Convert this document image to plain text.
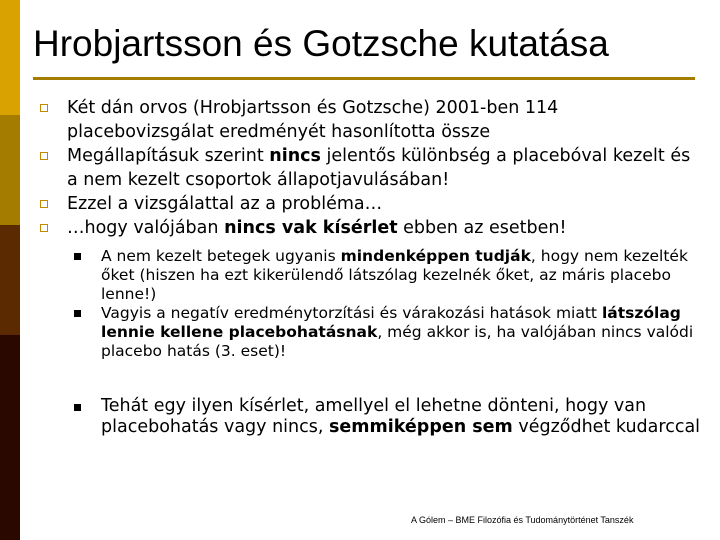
Hrobjartsson és Gotzsche kutatása
Két dán orvos (Hrobjartsson és Gotzsche) 2001-ben 114 placebovizsgálat eredményét hasonlította össze
Megállapításuk szerint nincs jelentős különbség a placebóval kezelt és a nem kezelt csoportok állapotjavulásában!
Ezzel a vizsgálattal az a probléma…
…hogy valójában nincs vak kísérlet ebben az esetben!
A nem kezelt betegek ugyanis mindenképpen tudják, hogy nem kezelték őket (hiszen ha ezt kikerülendő látszólag kezelnék őket, az máris placebo lenne!)
Vagyis a negatív eredménytorzítási és várakozási hatások miatt látszólag lennie kellene placebohatásnak, még akkor is, ha valójában nincs valódi placebo hatás (3. eset)!
Tehát egy ilyen kísérlet, amellyel el lehetne dönteni, hogy van placebohatás vagy nincs, semmiképpen sem végződhet kudarccal
A Gólem – BME Filozófia és Tudománytörténet Tanszék
